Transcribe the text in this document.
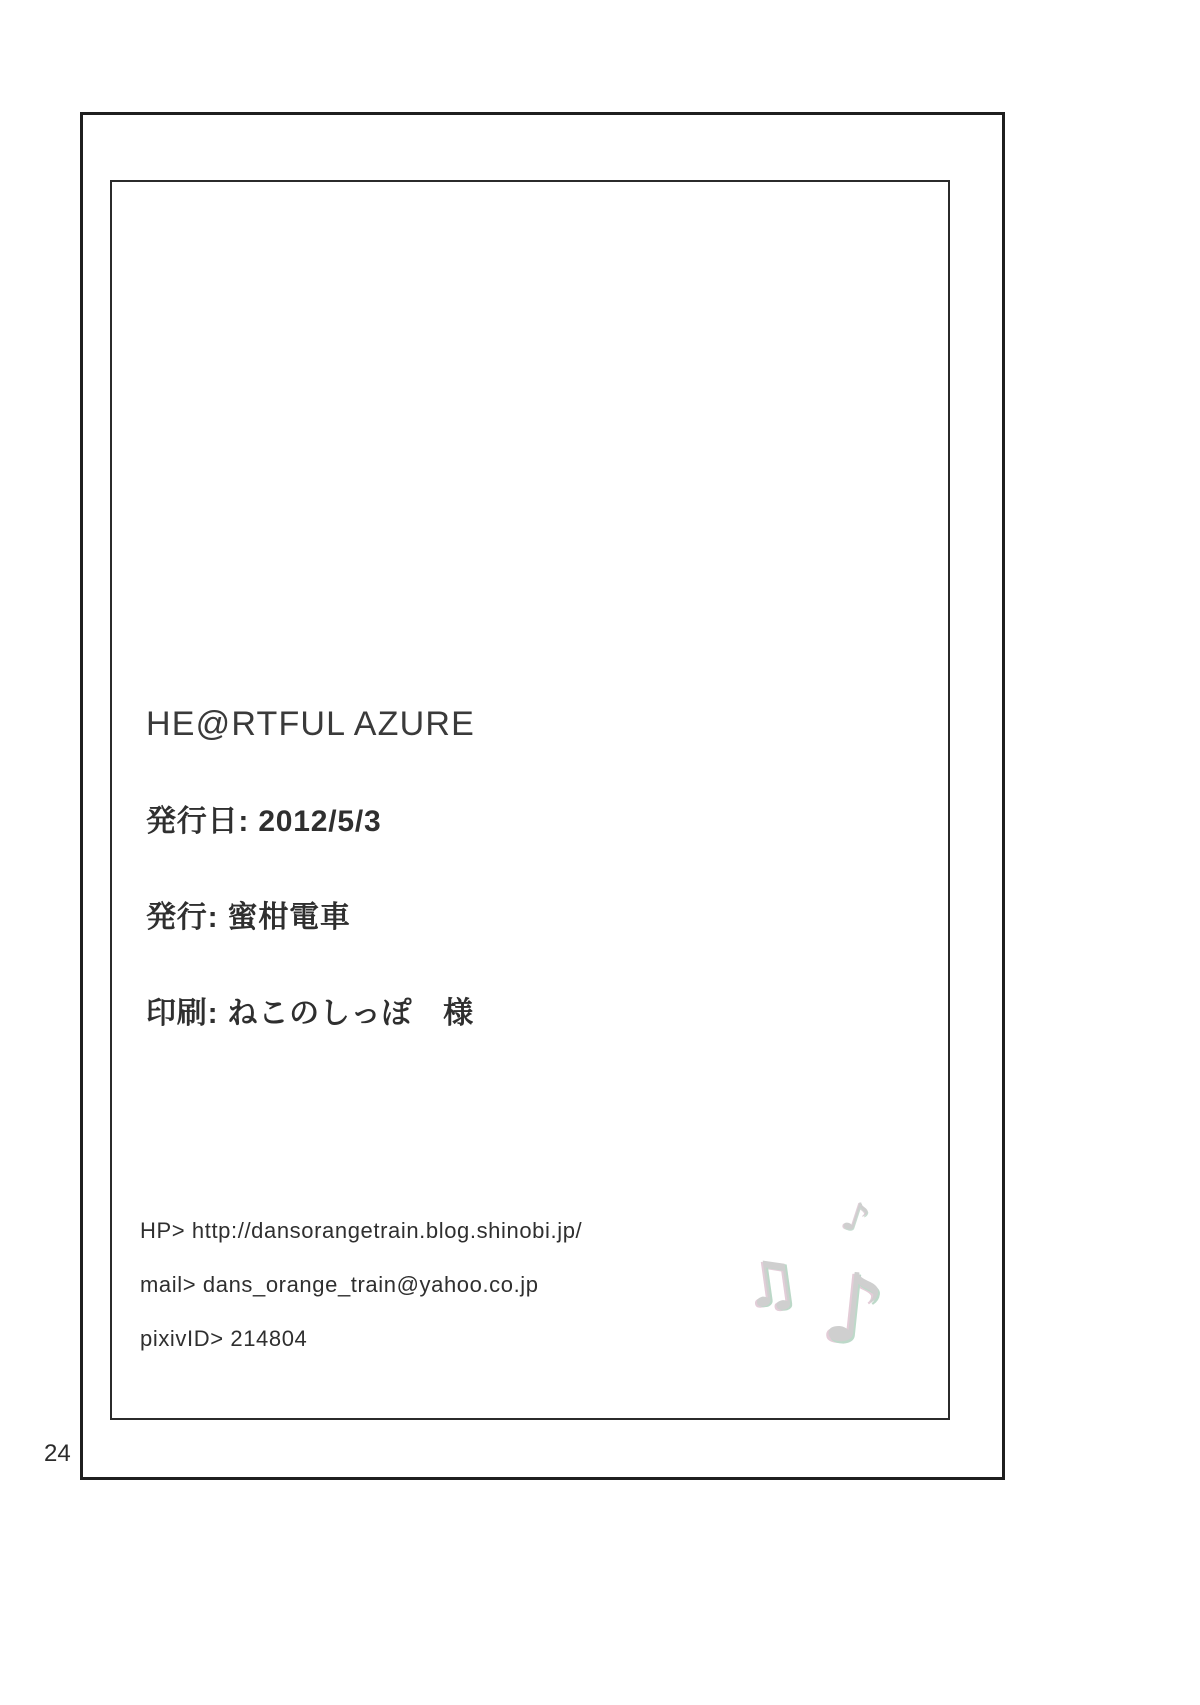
HE@RTFUL AZURE

発行日: 2012/5/3

発行: 蜜柑電車

印刷: ねこのしっぽ　様

HP> http://dansorangetrain.blog.shinobi.jp/

mail> dans_orange_train@yahoo.co.jp

pixivID> 214804

♪
♫ ♪
24
